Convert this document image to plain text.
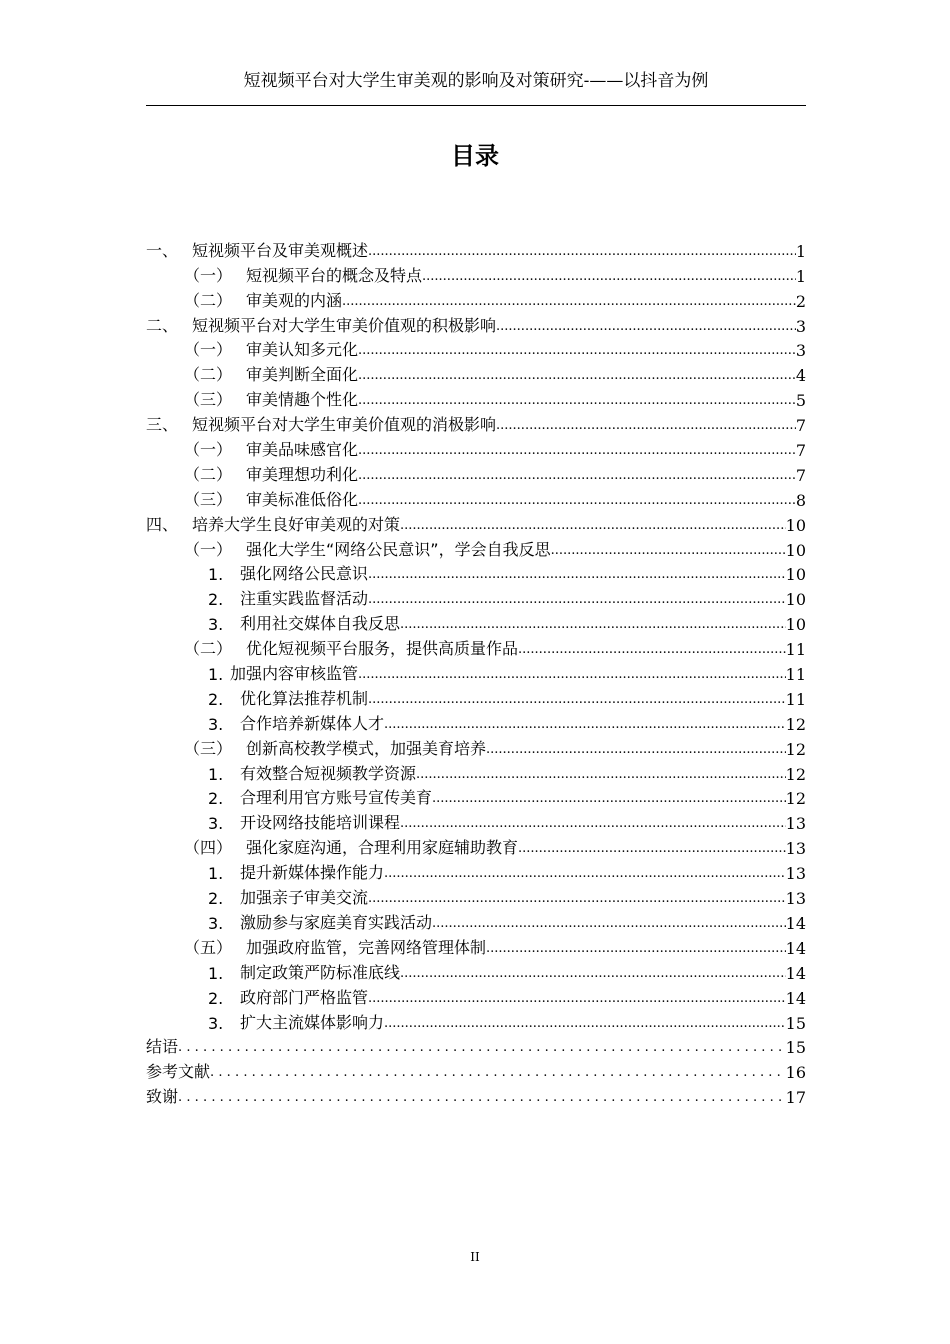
短视频平台对大学生审美观的影响及对策研究-——以抖音为例
目录
一、 短视频平台及审美观概述 .....	1
（一） 短视频平台的概念及特点 .....	1
（二） 审美观的内涵 .....	2
二、 短视频平台对大学生审美价值观的积极影响 .....	3
（一） 审美认知多元化 .....	3
（二） 审美判断全面化 .....	4
（三） 审美情趣个性化 .....	5
三、 短视频平台对大学生审美价值观的消极影响 .....	7
（一） 审美品味感官化 .....	7
（二） 审美理想功利化 .....	7
（三） 审美标准低俗化 .....	8
四、 培养大学生良好审美观的对策 .....	10
（一） 强化大学生“网络公民意识”，学会自我反思 .....	10
1.	强化网络公民意识 .....	10
2.	注重实践监督活动 .....	10
3.	利用社交媒体自我反思 .....	10
（二） 优化短视频平台服务，提供高质量作品 .....	11
1. 加强内容审核监管 .....	11
2.	优化算法推荐机制 .....	11
3.	合作培养新媒体人才 .....	12
（三） 创新高校教学模式，加强美育培养 .....	12
1.	有效整合短视频教学资源 .....	12
2.	合理利用官方账号宣传美育 .....	12
3.	开设网络技能培训课程 .....	13
（四） 强化家庭沟通，合理利用家庭辅助教育 .....	13
1.	提升新媒体操作能力 .....	13
2.	加强亲子审美交流 .....	13
3.	激励参与家庭美育实践活动 .....	14
（五） 加强政府监管，完善网络管理体制 .....	14
1.	制定政策严防标准底线 .....	14
2.	政府部门严格监管 .....	14
3.	扩大主流媒体影响力 .....	15
结语 .....	15
参考文献 .....	16
致谢 .....	17
II
